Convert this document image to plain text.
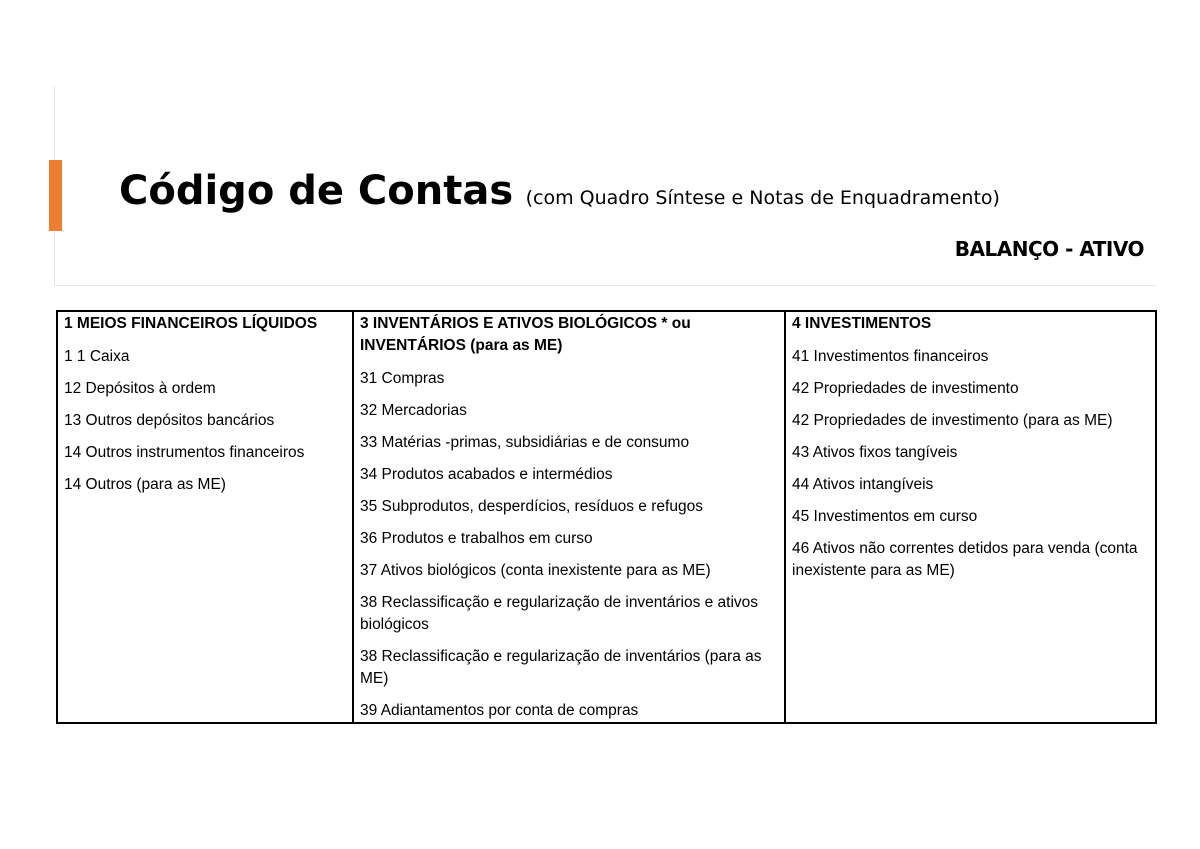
Código de Contas (com Quadro Síntese e Notas de Enquadramento)
BALANÇO - ATIVO
1 MEIOS FINANCEIROS LÍQUIDOS
1 1 Caixa
12 Depósitos à ordem
13 Outros depósitos bancários
14 Outros instrumentos financeiros
14 Outros (para as ME)

3 INVENTÁRIOS E ATIVOS BIOLÓGICOS * ou INVENTÁRIOS (para as ME)
31 Compras
32 Mercadorias
33 Matérias -primas, subsidiárias e de consumo
34 Produtos acabados e intermédios
35 Subprodutos, desperdícios, resíduos e refugos
36 Produtos e trabalhos em curso
37 Ativos biológicos (conta inexistente para as ME)
38 Reclassificação e regularização de inventários e ativos biológicos
38 Reclassificação e regularização de inventários (para as ME)
39 Adiantamentos por conta de compras

4 INVESTIMENTOS
41 Investimentos financeiros
42 Propriedades de investimento
42 Propriedades de investimento (para as ME)
43 Ativos fixos tangíveis
44 Ativos intangíveis
45 Investimentos em curso
46 Ativos não correntes detidos para venda (conta inexistente para as ME)
